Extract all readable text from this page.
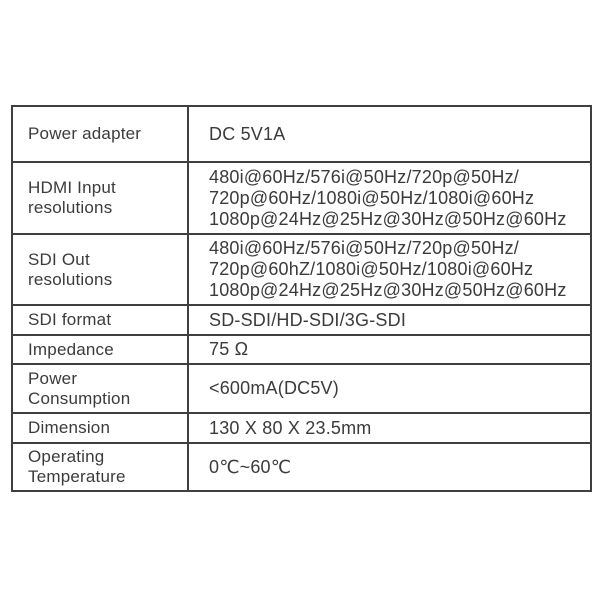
Power adapter	DC 5V1A
HDMI Input
resolutions	480i@60Hz/576i@50Hz/720p@50Hz/
720p@60Hz/1080i@50Hz/1080i@60Hz
1080p@24Hz@25Hz@30Hz@50Hz@60Hz
SDI Out
resolutions	480i@60Hz/576i@50Hz/720p@50Hz/
720p@60hZ/1080i@50Hz/1080i@60Hz
1080p@24Hz@25Hz@30Hz@50Hz@60Hz
SDI format	SD-SDI/HD-SDI/3G-SDI
Impedance	75 Ω
Power
Consumption	<600mA(DC5V)
Dimension	130 X 80 X 23.5mm
Operating
Temperature	0℃~60℃
